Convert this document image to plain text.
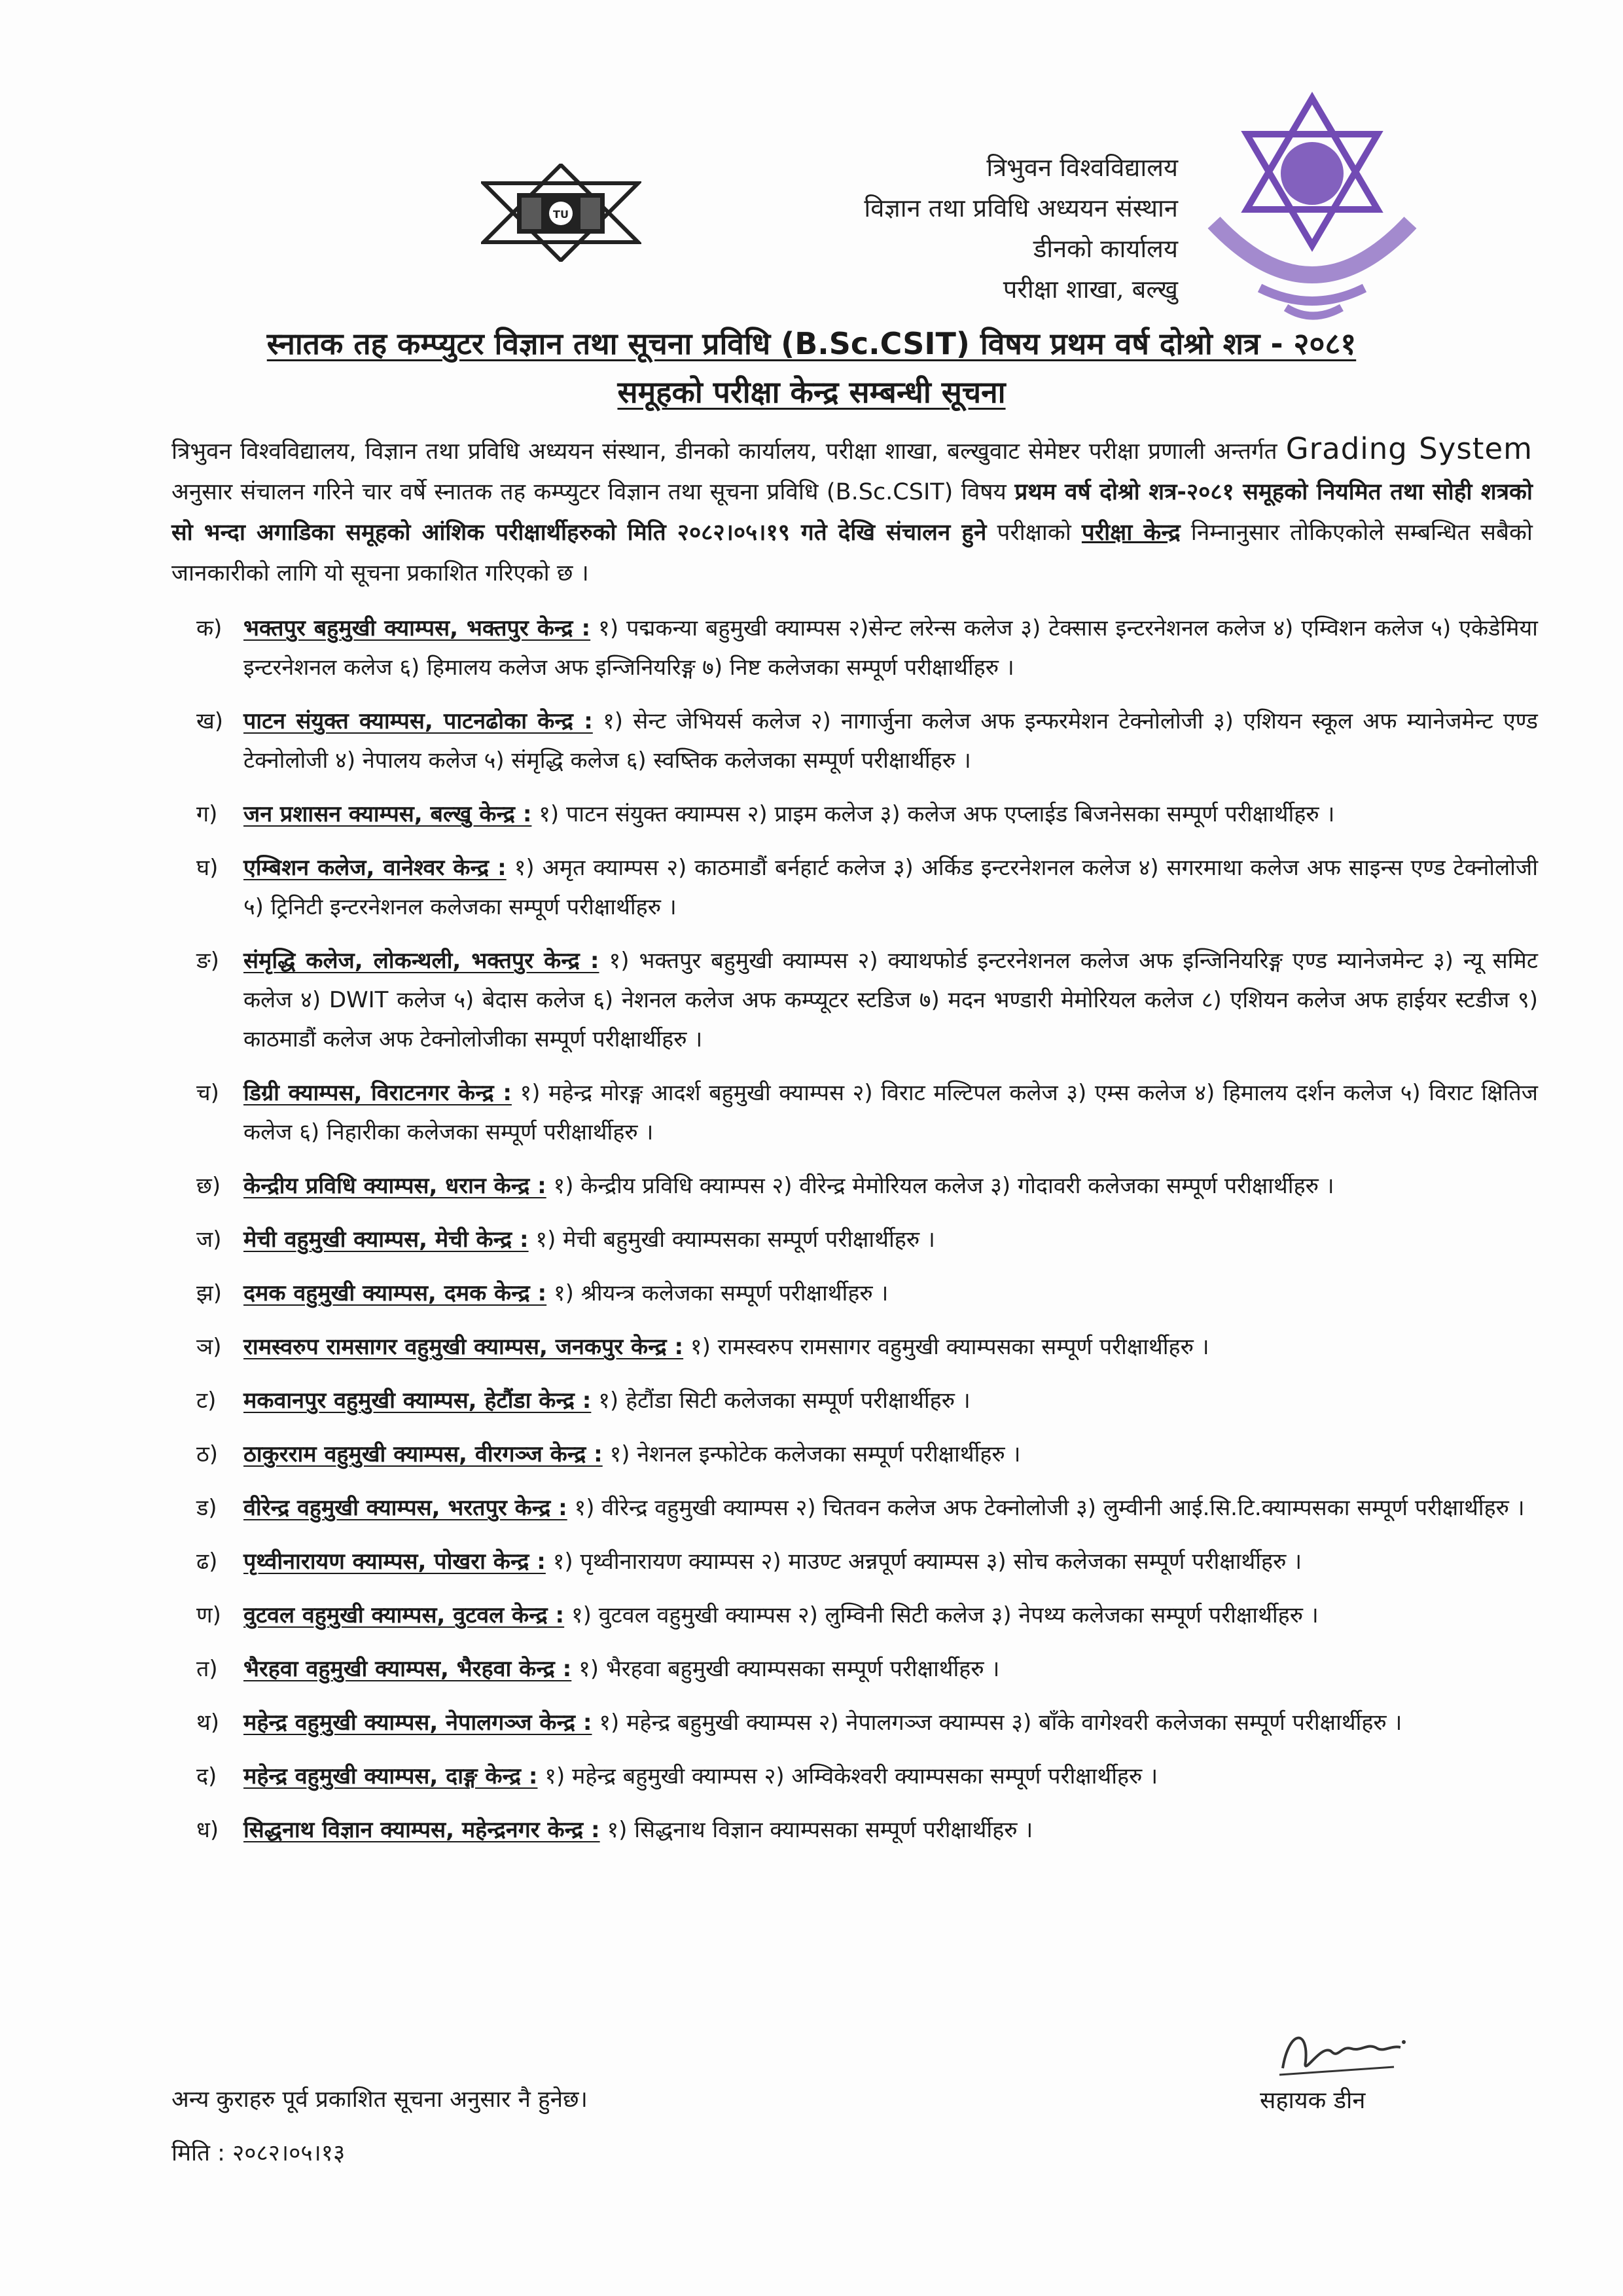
TU
त्रिभुवन विश्वविद्यालय
विज्ञान तथा प्रविधि अध्ययन संस्थान
डीनको कार्यालय
परीक्षा शाखा, बल्खु
स्नातक तह कम्प्युटर विज्ञान तथा सूचना प्रविधि (B.Sc.CSIT) विषय प्रथम वर्ष दोश्रो शत्र - २०८१
समूहको परीक्षा केन्द्र सम्बन्धी सूचना
त्रिभुवन विश्वविद्यालय, विज्ञान तथा प्रविधि अध्ययन संस्थान, डीनको कार्यालय, परीक्षा शाखा, बल्खुवाट सेमेष्टर परीक्षा प्रणाली अन्तर्गत Grading System अनुसार संचालन गरिने चार वर्षे स्नातक तह कम्प्युटर विज्ञान तथा सूचना प्रविधि (B.Sc.CSIT) विषय प्रथम वर्ष दोश्रो शत्र-२०८१ समूहको नियमित तथा सोही शत्रको सो भन्दा अगाडिका समूहको आंशिक परीक्षार्थीहरुको मिति २०८२।०५।१९ गते देखि संचालन हुने परीक्षाको परीक्षा केन्द्र निम्नानुसार तोकिएकोले सम्बन्धित सबैको जानकारीको लागि यो सूचना प्रकाशित गरिएको छ ।
क) भक्तपुर बहुमुखी क्याम्पस, भक्तपुर केन्द्र : १) पद्मकन्या बहुमुखी क्याम्पस २)सेन्ट लरेन्स कलेज ३) टेक्सास इन्टरनेशनल कलेज ४) एम्विशन कलेज ५) एकेडेमिया इन्टरनेशनल कलेज ६) हिमालय कलेज अफ इन्जिनियरिङ्ग ७) निष्ट कलेजका सम्पूर्ण परीक्षार्थीहरु ।
ख) पाटन संयुक्त क्याम्पस, पाटनढोका केन्द्र : १) सेन्ट जेभियर्स कलेज २) नागार्जुना कलेज अफ इन्फरमेशन टेक्नोलोजी ३) एशियन स्कूल अफ म्यानेजमेन्ट एण्ड टेक्नोलोजी ४) नेपालय कलेज ५) संमृद्धि कलेज ६) स्वष्तिक कलेजका सम्पूर्ण परीक्षार्थीहरु ।
ग)	जन प्रशासन क्याम्पस, बल्खु केन्द्र : १) पाटन संयुक्त क्याम्पस २) प्राइम कलेज ३) कलेज अफ एप्लाईड बिजनेसका सम्पूर्ण परीक्षार्थीहरु ।
घ)	एम्बिशन कलेज, वानेश्वर केन्द्र : १) अमृत क्याम्पस २) काठमाडौं बर्नहार्ट कलेज ३) अर्किड इन्टरनेशनल कलेज ४) सगरमाथा कलेज अफ साइन्स एण्ड टेक्नोलोजी ५) ट्रिनिटी इन्टरनेशनल कलेजका सम्पूर्ण परीक्षार्थीहरु ।
ङ)	संमृद्धि कलेज, लोकन्थली, भक्तपुर केन्द्र : १) भक्तपुर बहुमुखी क्याम्पस २) क्याथफोर्ड इन्टरनेशनल कलेज अफ इन्जिनियरिङ्ग एण्ड म्यानेजमेन्ट ३) न्यू समिट कलेज ४) DWIT कलेज ५) बेदास कलेज ६) नेशनल कलेज अफ कम्प्यूटर स्टडिज ७) मदन भण्डारी मेमोरियल कलेज ८) एशियन कलेज अफ हाईयर स्टडीज ९) काठमाडौं कलेज अफ टेक्नोलोजीका सम्पूर्ण परीक्षार्थीहरु ।
च)	डिग्री क्याम्पस, विराटनगर केन्द्र : १) महेन्द्र मोरङ्ग आदर्श बहुमुखी क्याम्पस २) विराट मल्टिपल कलेज ३) एम्स कलेज ४) हिमालय दर्शन कलेज ५) विराट क्षितिज कलेज ६) निहारीका कलेजका सम्पूर्ण परीक्षार्थीहरु ।
छ)	केन्द्रीय प्रविधि क्याम्पस, धरान केन्द्र : १) केन्द्रीय प्रविधि क्याम्पस २) वीरेन्द्र मेमोरियल कलेज ३) गोदावरी कलेजका सम्पूर्ण परीक्षार्थीहरु ।
ज) मेची वहुमुखी क्याम्पस, मेची केन्द्र : १) मेची बहुमुखी क्याम्पसका सम्पूर्ण परीक्षार्थीहरु ।
झ) दमक वहुमुखी क्याम्पस, दमक केन्द्र : १) श्रीयन्त्र कलेजका सम्पूर्ण परीक्षार्थीहरु ।
ञ) रामस्वरुप रामसागर वहुमुखी क्याम्पस, जनकपुर केन्द्र : १) रामस्वरुप रामसागर वहुमुखी क्याम्पसका सम्पूर्ण परीक्षार्थीहरु ।
ट)	मकवानपुर वहुमुखी क्याम्पस, हेटौंडा केन्द्र : १) हेटौंडा सिटी कलेजका सम्पूर्ण परीक्षार्थीहरु ।
ठ)	ठाकुरराम वहुमुखी क्याम्पस, वीरगञ्ज केन्द्र : १) नेशनल इन्फोटेक कलेजका सम्पूर्ण परीक्षार्थीहरु ।
ड)	वीरेन्द्र वहुमुखी क्याम्पस, भरतपुर केन्द्र : १) वीरेन्द्र वहुमुखी क्याम्पस २) चितवन कलेज अफ टेक्नोलोजी ३) लुम्वीनी आई.सि.टि.क्याम्पसका सम्पूर्ण परीक्षार्थीहरु ।
ढ)	पृथ्वीनारायण क्याम्पस, पोखरा केन्द्र : १) पृथ्वीनारायण क्याम्पस २) माउण्ट अन्नपूर्ण क्याम्पस ३) सोच कलेजका सम्पूर्ण परीक्षार्थीहरु ।
ण)	वुटवल वहुमुखी क्याम्पस, वुटवल केन्द्र : १) वुटवल वहुमुखी क्याम्पस २) लुम्विनी सिटी कलेज ३) नेपथ्य कलेजका सम्पूर्ण परीक्षार्थीहरु ।
त)	भैरहवा वहुमुखी क्याम्पस, भैरहवा केन्द्र : १) भैरहवा बहुमुखी क्याम्पसका सम्पूर्ण परीक्षार्थीहरु ।
थ)	महेन्द्र वहुमुखी क्याम्पस, नेपालगञ्ज केन्द्र : १) महेन्द्र बहुमुखी क्याम्पस २) नेपालगञ्ज क्याम्पस ३) बाँके वागेश्वरी कलेजका सम्पूर्ण परीक्षार्थीहरु ।
द)	महेन्द्र वहुमुखी क्याम्पस, दाङ्ग केन्द्र : १) महेन्द्र बहुमुखी क्याम्पस २) अम्विकेश्वरी क्याम्पसका सम्पूर्ण परीक्षार्थीहरु ।
ध)	सिद्धनाथ विज्ञान क्याम्पस, महेन्द्रनगर केन्द्र : १) सिद्धनाथ विज्ञान क्याम्पसका सम्पूर्ण परीक्षार्थीहरु ।
अन्य कुराहरु पूर्व प्रकाशित सूचना अनुसार नै हुनेछ।
मिति : २०८२।०५।१३
सहायक डीन
